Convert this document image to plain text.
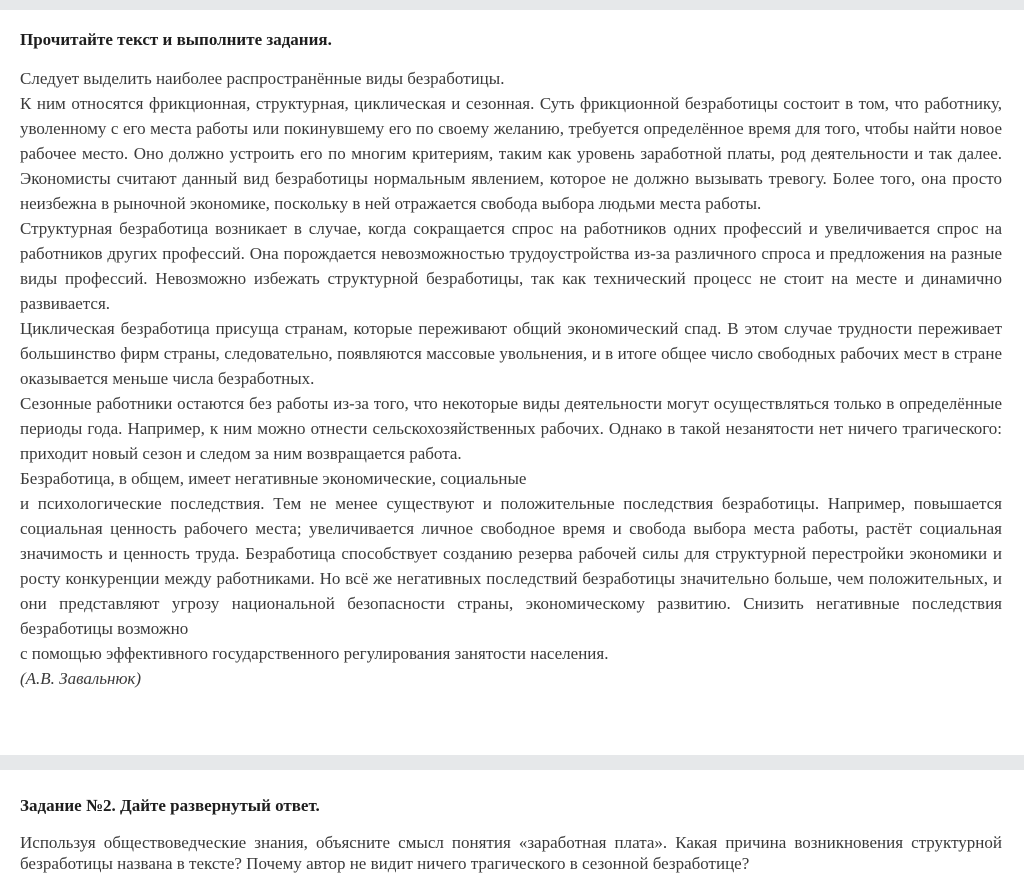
Прочитайте текст и выполните задания.

Следует выделить наиболее распространённые виды безработицы.

К ним относятся фрикционная, структурная, циклическая и сезонная. Суть фрикционной безработицы состоит в том, что работнику, уволенному с его места работы или покинувшему его по своему желанию, требуется определённое время для того, чтобы найти новое рабочее место. Оно должно устроить его по многим критериям, таким как уровень заработной платы, род деятельности и так далее. Экономисты считают данный вид безработицы нормальным явлением, которое не должно вызывать тревогу. Более того, она просто неизбежна в рыночной экономике, поскольку в ней отражается свобода выбора людьми места работы.

Структурная безработица возникает в случае, когда сокращается спрос на работников одних профессий и увеличивается спрос на работников других профессий. Она порождается невозможностью трудоустройства из-за различного спроса и предложения на разные виды профессий. Невозможно избежать структурной безработицы, так как технический процесс не стоит на месте и динамично развивается.

Циклическая безработица присуща странам, которые переживают общий экономический спад. В этом случае трудности переживает большинство фирм страны, следовательно, появляются массовые увольнения, и в итоге общее число свободных рабочих мест в стране оказывается меньше числа безработных.

Сезонные работники остаются без работы из-за того, что некоторые виды деятельности могут осуществляться только в определённые периоды года. Например, к ним можно отнести сельскохозяйственных рабочих. Однако в такой незанятости нет ничего трагического: приходит новый сезон и следом за ним возвращается работа.

Безработица, в общем, имеет негативные экономические, социальные

и психологические последствия. Тем не менее существуют и положительные последствия безработицы. Например, повышается социальная ценность рабочего места; увеличивается личное свободное время и свобода выбора места работы, растёт социальная значимость и ценность труда. Безработица способствует созданию резерва рабочей силы для структурной перестройки экономики и росту конкуренции между работниками. Но всё же негативных последствий безработицы значительно больше, чем положительных, и они представляют угрозу национальной безопасности страны, экономическому развитию. Снизить негативные последствия безработицы возможно

с помощью эффективного государственного регулирования занятости населения.

(А.В. Завальнюк)

Задание №2. Дайте развернутый ответ.

Используя обществоведческие знания, объясните смысл понятия «заработная плата». Какая причина возникновения структурной безработицы названа в тексте? Почему автор не видит ничего трагического в сезонной безработице?
